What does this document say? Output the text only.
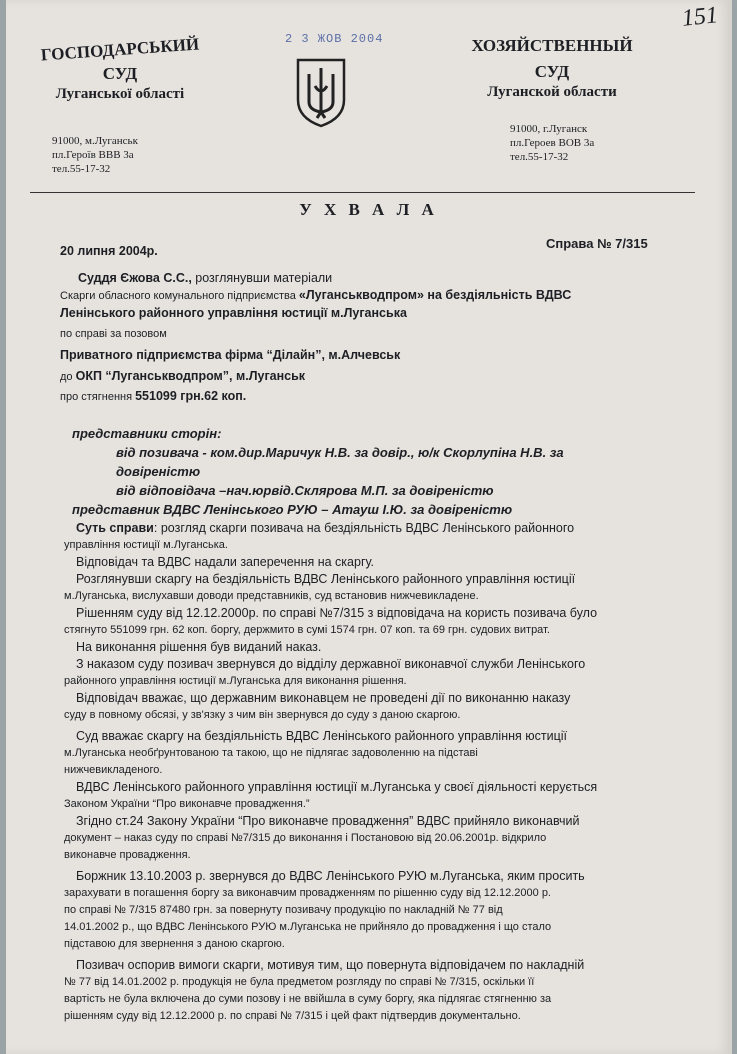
151
2 3 ЖОВ 2004
ГОСПОДАРСЬКИЙ
СУД
Луганської області
91000, м.Луганськ
пл.Героїв ВВВ 3а
тел.55-17-32
ХОЗЯЙСТВЕННЫЙ
СУД
Луганской области
91000, г.Луганск
пл.Героев ВОВ 3а
тел.55-17-32
У Х В А Л А
20 липня 2004р.	Справа № 7/315
Суддя Єжова С.С., розглянувши матеріали
Скарги обласного комунального підприємства «Луганськводпром» на бездіяльність ВДВС
Ленінського районного управління юстиції м.Луганська
по справі за позовом
Приватного підприємства фірма “Ділайн”, м.Алчевськ
до ОКП “Луганськводпром”, м.Луганськ
про стягнення 551099 грн.62 коп.
представники сторін:
від позивача - ком.дир.Маричук Н.В. за довір., ю/к Скорлупіна Н.В. за
довіреністю
від відповідача –нач.юрвід.Склярова М.П. за довіреністю
представник ВДВС Ленінського РУЮ – Атауш І.Ю. за довіреністю
Суть справи: розгляд скарги позивача на бездіяльність ВДВС Ленінського районного
управління юстиції м.Луганська.
Відповідач та ВДВС надали заперечення на скаргу.
Розглянувши скаргу на бездіяльність ВДВС Ленінського районного управління юстиції
м.Луганська, вислухавши доводи представників, суд встановив нижчевикладене.
Рішенням суду від 12.12.2000р. по справі №7/315 з відповідача на користь позивача було
стягнуто 551099 грн. 62 коп. боргу, держмито в сумі 1574 грн. 07 коп. та 69 грн. судових витрат.
На виконання рішення був виданий наказ.
З наказом суду позивач звернувся до відділу державної виконавчої служби Ленінського
районного управління юстиції м.Луганська для виконання рішення.
Відповідач вважає, що державним виконавцем не проведені дії по виконанню наказу
суду в повному обсязі, у зв'язку з чим він звернувся до суду з даною скаргою.
Суд вважає скаргу на бездіяльність ВДВС Ленінського районного управління юстиції
м.Луганська необґрунтованою та такою, що не підлягає задоволенню на підставі
нижчевикладеного.
ВДВС Ленінського районного управління юстиції м.Луганська у своєї діяльності керується
Законом України “Про виконавче провадження.”
Згідно ст.24 Закону України “Про виконавче провадження” ВДВС прийняло виконавчий
документ – наказ суду по справі №7/315 до виконання і Постановою від 20.06.2001р. відкрило
виконавче провадження.
Боржник 13.10.2003 р. звернувся до ВДВС Ленінського РУЮ м.Луганська, яким просить
зарахувати в погашення боргу за виконавчим провадженням по рішенню суду від 12.12.2000 р.
по справі № 7/315 87480 грн. за повернуту позивачу продукцію по накладній № 77 від
14.01.2002 р., що ВДВС Ленінського РУЮ м.Луганська не прийняло до провадження і що стало
підставою для звернення з даною скаргою.
Позивач оспорив вимоги скарги, мотивуя тим, що повернута відповідачем по накладній
№ 77 від 14.01.2002 р. продукція не була предметом розгляду по справі № 7/315, оскільки її
вартість не була включена до суми позову і не ввійшла в суму боргу, яка підлягає стягненню за
рішенням суду від 12.12.2000 р. по справі № 7/315 і цей факт підтвердив документально.
